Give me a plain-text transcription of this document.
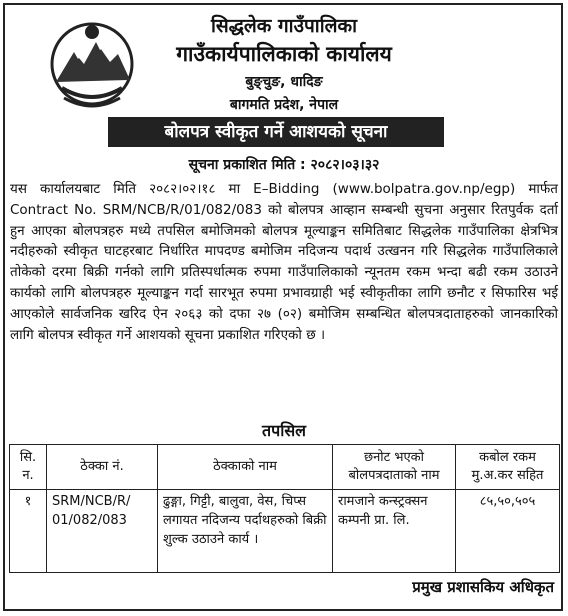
सिद्धलेक गाउँपालिका
गाउँकार्यपालिकाको कार्यालय
बुङ्चुङ, धादिङ
बागमति प्रदेश, नेपाल
बोलपत्र स्वीकृत गर्ने आशयको सूचना
सूचना प्रकाशित मिति : २०८२।०३।३२
यस कार्यालयबाट मिति २०८२।०२।१८ मा E–Bidding (www.bolpatra.gov.np/egp) मार्फत Contract No. SRM/NCB/R/01/082/083 को बोलपत्र आव्हान सम्बन्धी सुचना अनुसार रितपुर्वक दर्ता हुन आएका बोलपत्रहरु मध्ये तपसिल बमोजिमको बोलपत्र मूल्याङ्कन समितिबाट सिद्धलेक गाउँपालिका क्षेत्रभित्र नदीहरुको स्वीकृत घाटहरबाट निर्धारित मापदण्ड बमोजिम नदिजन्य पदार्थ उत्खनन गरि सिद्धलेक गाउँपालिकाले तोकेको दरमा बिक्री गर्नको लागि प्रतिस्पर्धात्मक रुपमा गाउँपालिकाको न्यूनतम रकम भन्दा बढी रकम उठाउने कार्यको लागि बोलपत्रहरु मूल्याङ्कन गर्दा सारभूत रुपमा प्रभावग्राही भई स्वीकृतीका लागि छनौट र सिफारिस भई आएकोले सार्वजनिक खरिद ऐन २०६३ को दफा २७ (०२) बमोजिम सम्बन्धित बोलपत्रदाताहरुको जानकारिको लागि बोलपत्र स्वीकृत गर्ने आशयको सूचना प्रकाशित गरिएको छ ।
तपसिल
सि. न.	ठेक्का नं.	ठेक्काको नाम	छनोट भएको बोलपत्रदाताको नाम	कबोल रकम मु.अ.कर सहित
१	SRM/NCB/R/ 01/082/083	ढुङ्गा, गिट्टी, बालुवा, वेस, चिप्स लगायत नदिजन्य पर्दाथहरुको बिक्री शुल्क उठाउने कार्य ।	रामजाने कन्स्ट्रक्सन कम्पनी प्रा. लि.	८५,५०,५०५
प्रमुख प्रशासकिय अधिकृत
